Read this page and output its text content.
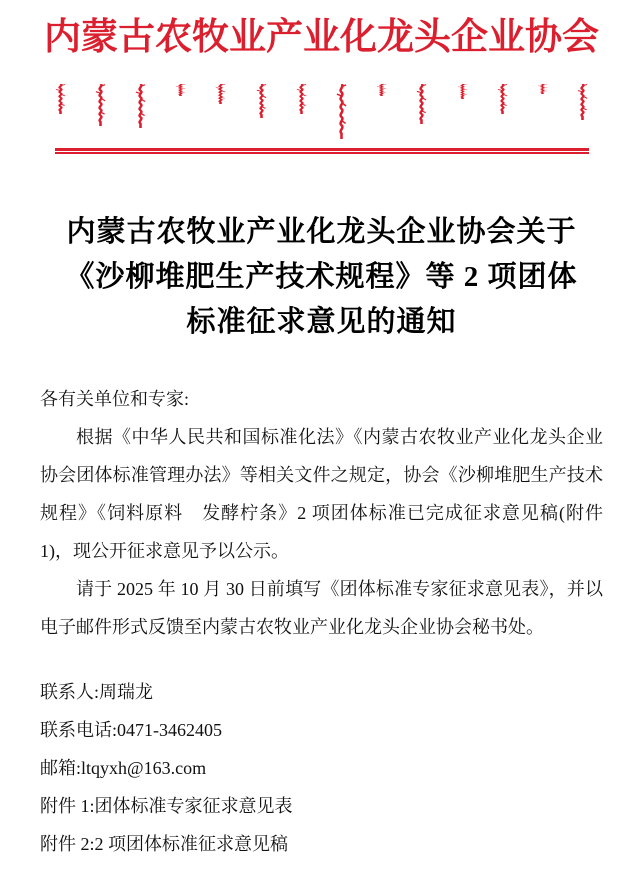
内蒙古农牧业产业化龙头企业协会
内蒙古农牧业产业化龙头企业协会关于
《沙柳堆肥生产技术规程》等 2 项团体
标准征求意见的通知

各有关单位和专家:

根据《中华人民共和国标准化法》《内蒙古农牧业产业化龙头企业协会团体标准管理办法》等相关文件之规定，协会《沙柳堆肥生产技术规程》《饲料原料　发酵柠条》2 项团体标准已完成征求意见稿(附件 1)，现公开征求意见予以公示。

请于 2025 年 10 月 30 日前填写《团体标准专家征求意见表》，并以电子邮件形式反馈至内蒙古农牧业产业化龙头企业协会秘书处。

联系人:周瑞龙

联系电话:0471-3462405

邮箱:ltqyxh@163.com

附件 1:团体标准专家征求意见表

附件 2:2 项团体标准征求意见稿
